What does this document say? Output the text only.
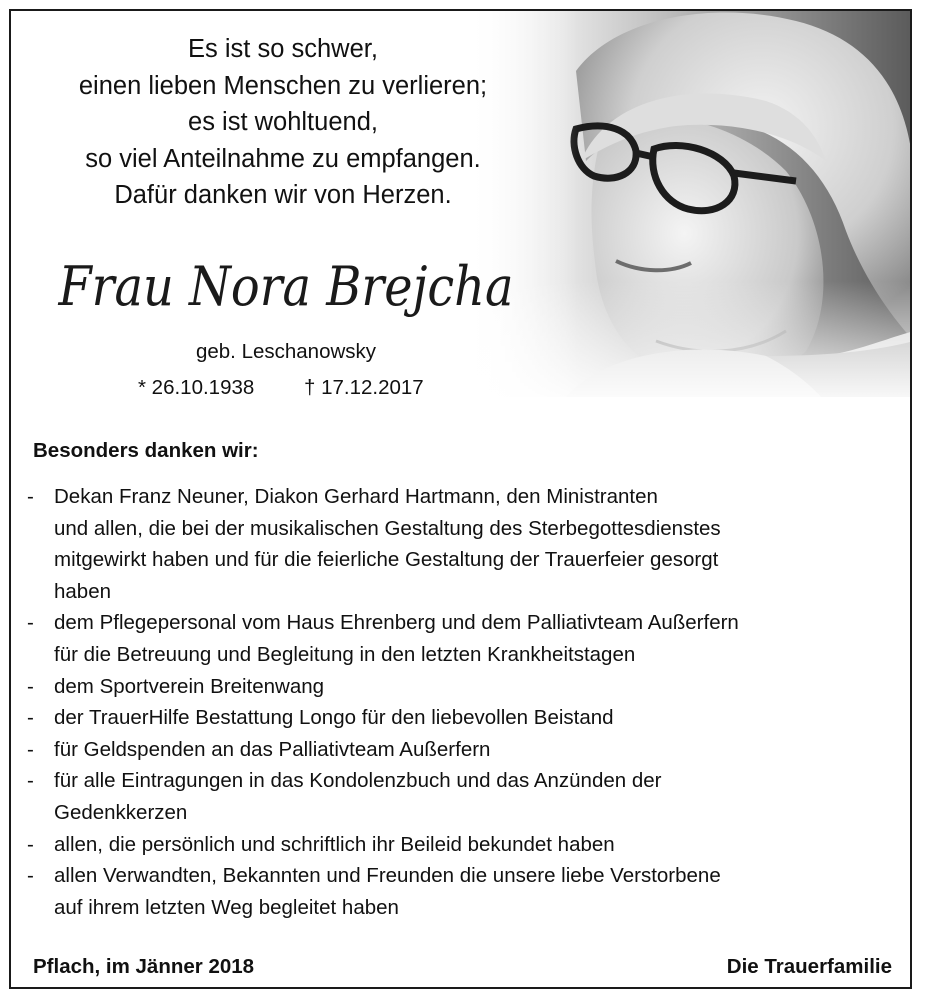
Es ist so schwer,
einen lieben Menschen zu verlieren;
es ist wohltuend,
so viel Anteilnahme zu empfangen.
Dafür danken wir von Herzen.
Frau Nora Brejcha
geb. Leschanowsky
* 26.10.1938 † 17.12.2017
Besonders danken wir:
- Dekan Franz Neuner, Diakon Gerhard Hartmann, den Ministranten
und allen, die bei der musikalischen Gestaltung des Sterbegottesdienstes
mitgewirkt haben und für die feierliche Gestaltung der Trauerfeier gesorgt
haben
- dem Pflegepersonal vom Haus Ehrenberg und dem Palliativteam Außerfern
für die Betreuung und Begleitung in den letzten Krankheitstagen
- dem Sportverein Breitenwang
- der TrauerHilfe Bestattung Longo für den liebevollen Beistand
- für Geldspenden an das Palliativteam Außerfern
- für alle Eintragungen in das Kondolenzbuch und das Anzünden der
Gedenkkerzen
- allen, die persönlich und schriftlich ihr Beileid bekundet haben
- allen Verwandten, Bekannten und Freunden die unsere liebe Verstorbene
auf ihrem letzten Weg begleitet haben
Pflach, im Jänner 2018	Die Trauerfamilie
